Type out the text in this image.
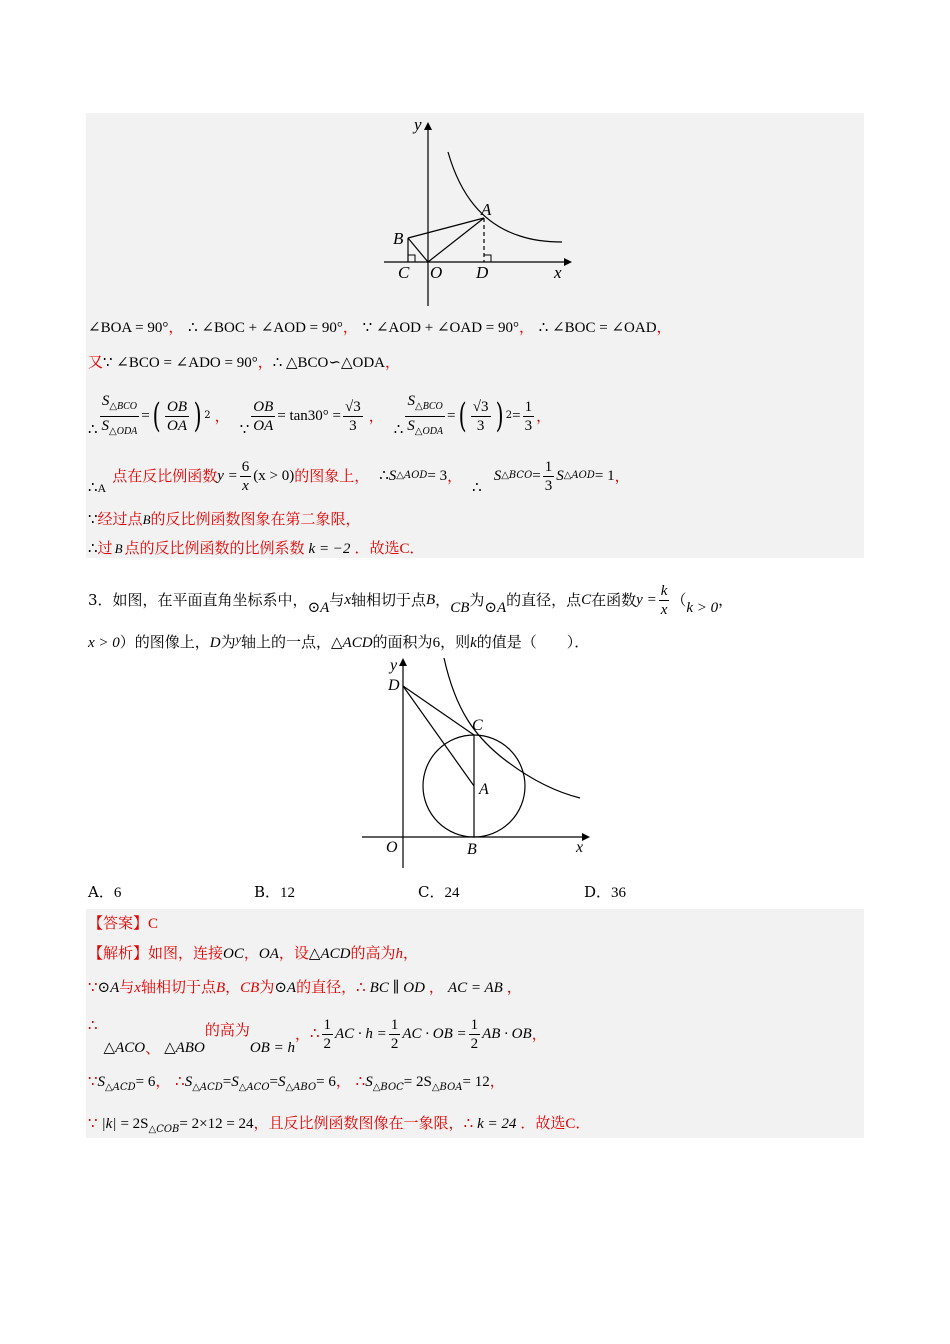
y
x
A
B
C O D
∠BOA = 90°， ∴ ∠BOC + ∠AOD = 90°， ∵ ∠AOD + ∠OAD = 90°， ∴ ∠BOC = ∠OAD，
又∵ ∠BCO = ∠ADO = 90°，∴ △BCO∽△ODA，
∴ $\frac{S_{\triangle BCO}}{S_{\triangle ODA}}$ = ( $\frac{OB}{OA}$ ) 2 ，
∵ $\frac{OB}{OA} = \tan 30^\circ = \frac{√3}{3}$ ，
∴ $\frac{S_{\triangle BCO}}{S_{\triangle ODA}}$ = ( $\frac{√3}{3}$ ) $2 = \frac{1}{3}$ ，
∴ A
点在反比例函数 $y = \frac{6}{x} (x > 0)$ 的图象上， ∴ S △AOD = 3 ，
∴
S △BCO = $\frac{1}{3}$ S △AOD = 1 ，
∵经过点B的反比例函数图象在第二象限，
∴过 B 点的反比例函数的比例系数 k = −2 ．故选C．
3． 如图，在平面直角坐标系中， ⊙A 与 x 轴相切于点 B ， CB 为 ⊙A 的直径，点 C 在函数 $y = \frac{k}{x}$ （ k > 0 ，
x > 0）的图像上，D为$^y$轴上的一点，△ACD的面积为6，则k的值是（　　）．
y
x
D
C
A
O	B
A．6	B．12	C．24	D．36
【答案】C
【解析】如图，连接OC，OA，设△ACD的高为h，
∵⊙A与x轴相切于点B，CB为⊙A的直径，∴ BC ∥ OD ， AC = AB ，
∴
△ACO 、 △ABO
的高为
OB = h
， ∴ $\frac{1}{2}$ AC · $h = \frac{1}{2}$ AC · OB = $\frac{1}{2}$ AB · OB ，
$\because S_{\triangle ACD}= 6$， $\therefore S_{\triangle ACD}=S_{\triangle ACO}=S_{\triangle ABO}= 6$， $\therefore S_{\triangle BOC}= 2S_{\triangle BOA}= 12$，
∵ $|k| = 2S_{\triangle COB}= 2\times 12 = 24$，且反比例函数图像在一象限，∴ k = 24 ．故选C．
